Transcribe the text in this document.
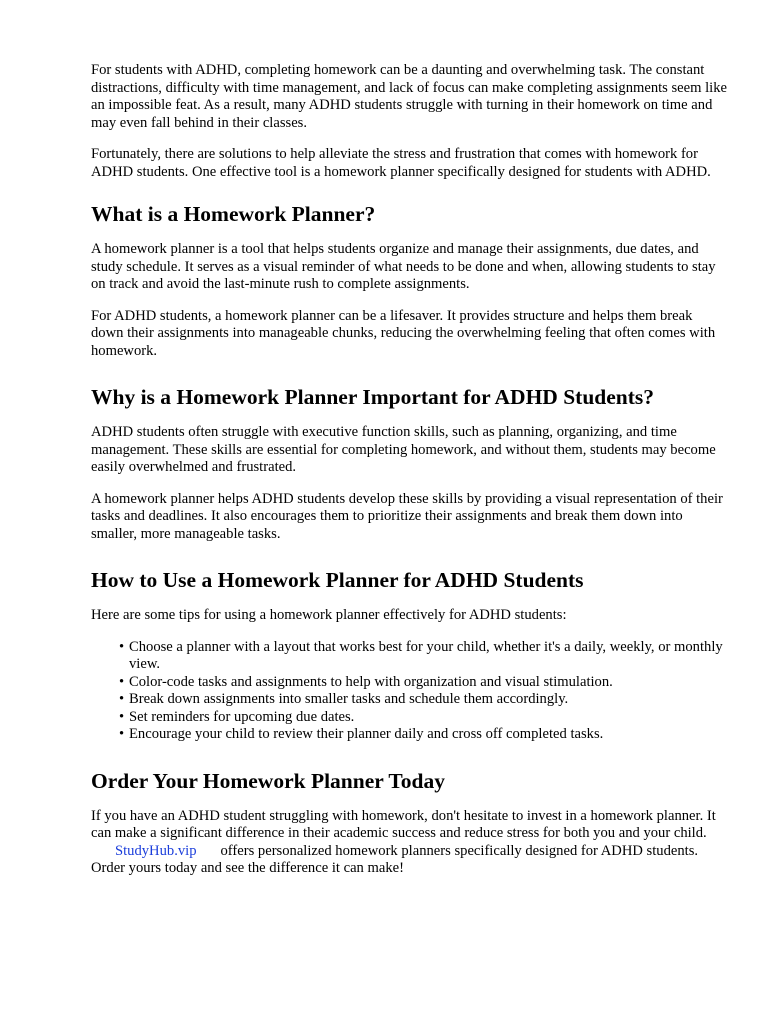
For students with ADHD, completing homework can be a daunting and overwhelming task. The constant distractions, difficulty with time management, and lack of focus can make completing assignments seem like an impossible feat. As a result, many ADHD students struggle with turning in their homework on time and may even fall behind in their classes.

Fortunately, there are solutions to help alleviate the stress and frustration that comes with homework for ADHD students. One effective tool is a homework planner specifically designed for students with ADHD.

What is a Homework Planner?

A homework planner is a tool that helps students organize and manage their assignments, due dates, and study schedule. It serves as a visual reminder of what needs to be done and when, allowing students to stay on track and avoid the last-minute rush to complete assignments.

For ADHD students, a homework planner can be a lifesaver. It provides structure and helps them break down their assignments into manageable chunks, reducing the overwhelming feeling that often comes with homework.

Why is a Homework Planner Important for ADHD Students?

ADHD students often struggle with executive function skills, such as planning, organizing, and time management. These skills are essential for completing homework, and without them, students may become easily overwhelmed and frustrated.

A homework planner helps ADHD students develop these skills by providing a visual representation of their tasks and deadlines. It also encourages them to prioritize their assignments and break them down into smaller, more manageable tasks.

How to Use a Homework Planner for ADHD Students

Here are some tips for using a homework planner effectively for ADHD students:

• Choose a planner with a layout that works best for your child, whether it's a daily, weekly, or monthly view.
• Color-code tasks and assignments to help with organization and visual stimulation.
• Break down assignments into smaller tasks and schedule them accordingly.
• Set reminders for upcoming due dates.
• Encourage your child to review their planner daily and cross off completed tasks.
Order Your Homework Planner Today

If you have an ADHD student struggling with homework, don't hesitate to invest in a homework planner. It can make a significant difference in their academic success and reduce stress for both you and your child.StudyHub.vip offers personalized homework planners specifically designed for ADHD students. Order yours today and see the difference it can make!
